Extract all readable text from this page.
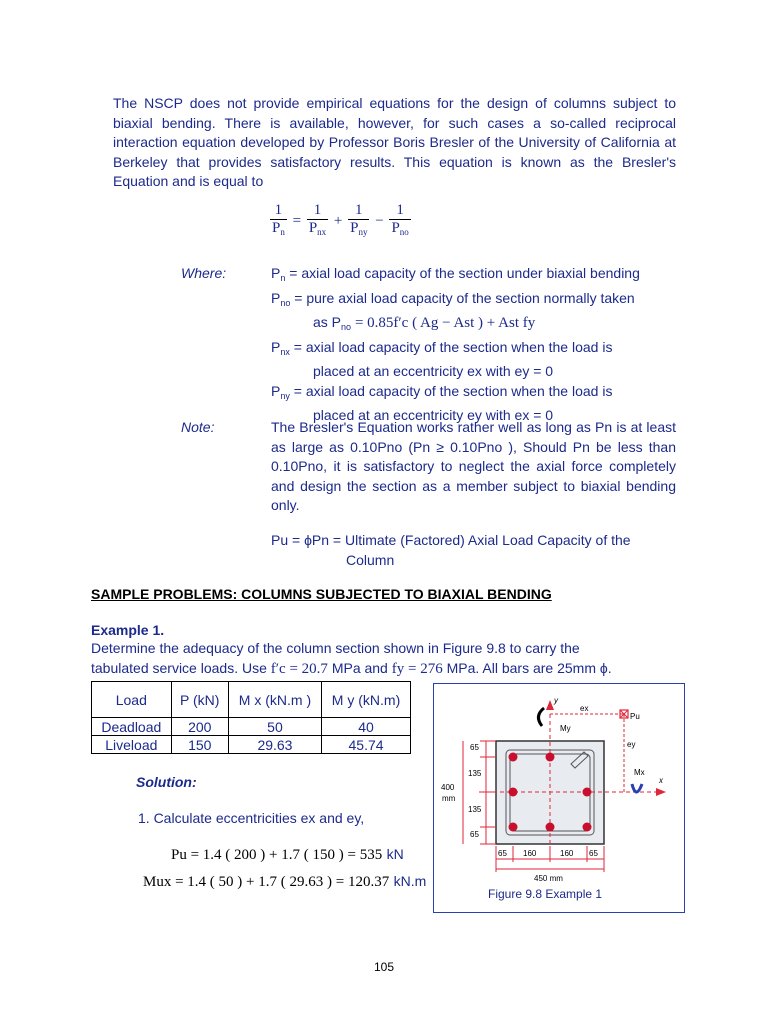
The NSCP does not provide empirical equations for the design of columns subject to biaxial bending. There is available, however, for such cases a so-called reciprocal interaction equation developed by Professor Boris Bresler of the University of California at Berkeley that provides satisfactory results. This equation is known as the Bresler's Equation and is equal to
$\frac{1}{P_n} = \frac{1}{P_{nx}} + \frac{1}{P_{ny}} - \frac{1}{P_{no}}$
Where:	$P_n$ = axial load capacity of the section under biaxial bending
$P_{no}$ = pure axial load capacity of the section normally taken
as $P_{no} = 0.85f'c$ ( Ag − Ast ) + Ast fy
$P_{nx}$ = axial load capacity of the section when the load is
placed at an eccentricity ex with ey = 0
$P_{ny}$ = axial load capacity of the section when the load is
placed at an eccentricity ey with ex = 0
Note:	The Bresler's Equation works rather well as long as Pn is at least as large as 0.10Pno (Pn ≥ 0.10Pno ), Should Pn be less than 0.10Pno, it is satisfactory to neglect the axial force completely and design the section as a member subject to biaxial bending only.
Pu = ϕPn = Ultimate (Factored) Axial Load Capacity of the
Column
SAMPLE PROBLEMS: COLUMNS SUBJECTED TO BIAXIAL BENDING
Example 1.
Determine the adequacy of the column section shown in Figure 9.8 to carry the
tabulated service loads. Use f′c = 20.7 MPa and fy = 276 MPa. All bars are 25mm ϕ.
Load	P (kN)	M x (kN.m )	M y (kN.m)
Deadload	200	50	40
Liveload	150	29.63	45.74
Solution:
1. Calculate eccentricities ex and ey,
Pu = 1.4 ( 200 ) + 1.7 ( 150 ) = 535 kN
Mux = 1.4 ( 50 ) + 1.7 ( 29.63 ) = 120.37 kN.m
65
135
135
65
400
mm
65 160	160 65
450 mm
y
x
ex
ey
Pu
My
Mx
Figure 9.8 Example 1
105
